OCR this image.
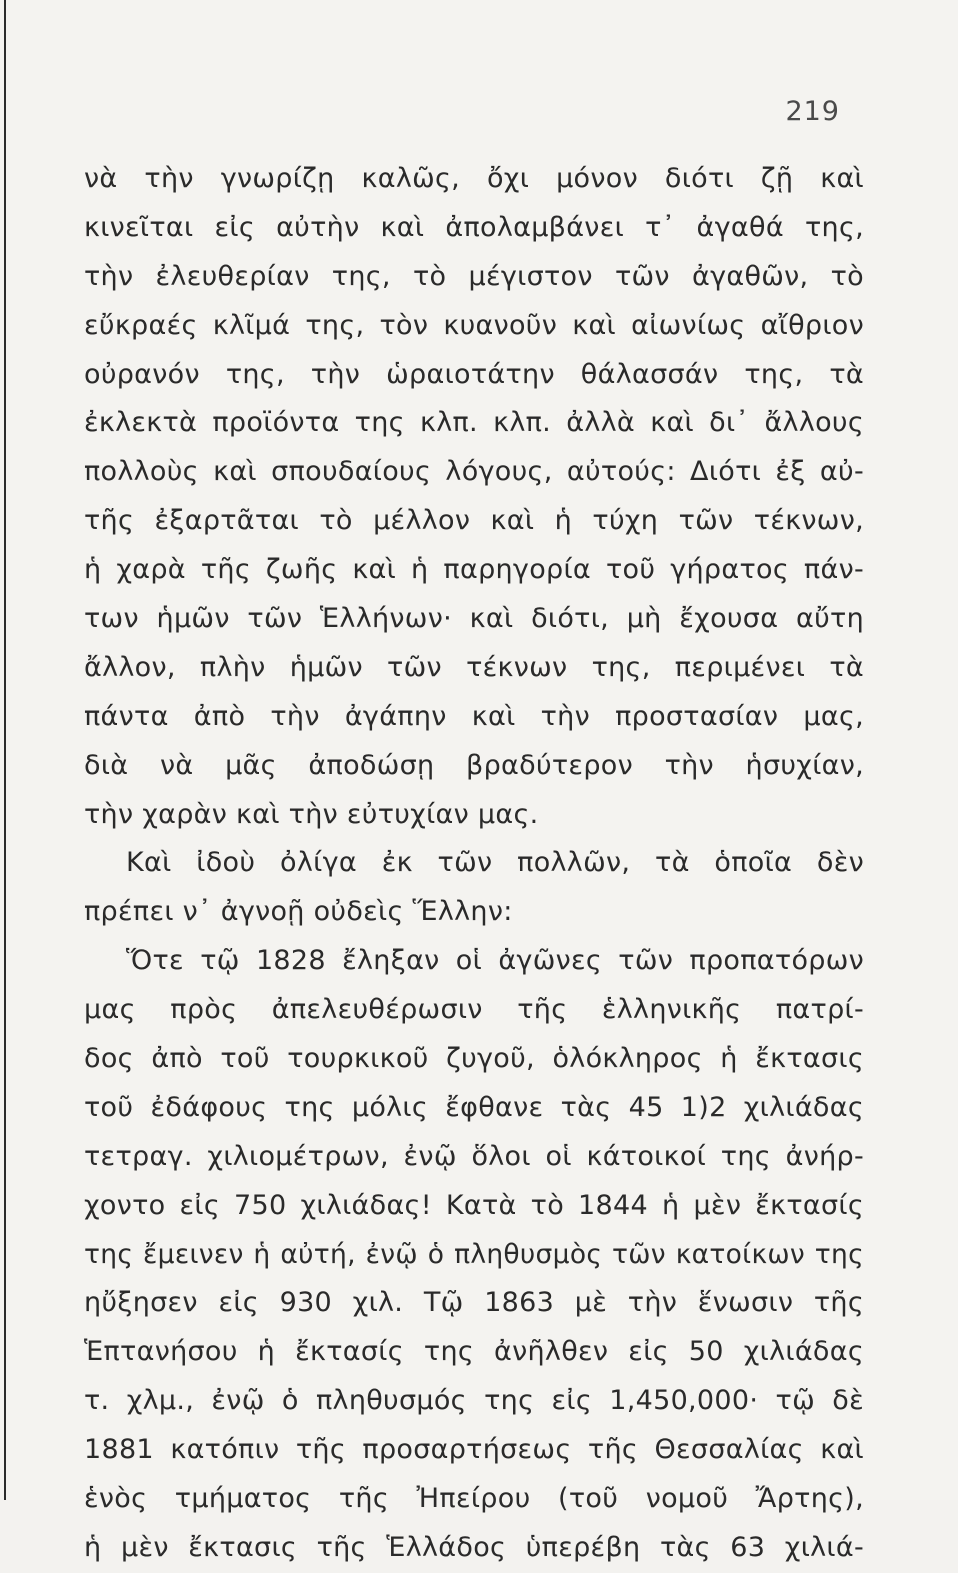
219
νὰ τὴν γνωρίζῃ καλῶς, ὄχι μόνον διότι ζῇ καὶ
κινεῖται εἰς αὐτὴν καὶ ἀπολαμβάνει τ᾿ ἀγαθά της,
τὴν ἐλευθερίαν της, τὸ μέγιστον τῶν ἀγαθῶν, τὸ
εὔκραές κλῖμά της, τὸν κυανοῦν καὶ αἰωνίως αἴθριον
οὐρανόν της, τὴν ὡραιοτάτην θάλασσάν της, τὰ
ἐκλεκτὰ προϊόντα της κλπ. κλπ. ἀλλὰ καὶ δι᾿ ἄλλους
πολλοὺς καὶ σπουδαίους λόγους, αὐτούς: Διότι ἐξ αὐ-
τῆς ἐξαρτᾶται τὸ μέλλον καὶ ἡ τύχη τῶν τέκνων,
ἡ χαρὰ τῆς ζωῆς καὶ ἡ παρηγορία τοῦ γήρατος πάν-
των ἡμῶν τῶν Ἑλλήνων· καὶ διότι, μὴ ἔχουσα αὔτη
ἄλλον, πλὴν ἡμῶν τῶν τέκνων της, περιμένει τὰ
πάντα ἀπὸ τὴν ἀγάπην καὶ τὴν προστασίαν μας,
διὰ νὰ μᾶς ἀποδώσῃ βραδύτερον τὴν ἡσυχίαν,
τὴν χαρὰν καὶ τὴν εὐτυχίαν μας.
Καὶ ἰδοὺ ὀλίγα ἐκ τῶν πολλῶν, τὰ ὁποῖα δὲν
πρέπει ν᾿ ἀγνοῇ οὐδεὶς Ἕλλην:
Ὅτε τῷ 1828 ἔληξαν οἱ ἀγῶνες τῶν προπατόρων
μας πρὸς ἀπελευθέρωσιν τῆς ἑλληνικῆς πατρί-
δος ἀπὸ τοῦ τουρκικοῦ ζυγοῦ, ὁλόκληρος ἡ ἔκτασις
τοῦ ἐδάφους της μόλις ἔφθανε τὰς 45 1)2 χιλιάδας
τετραγ. χιλιομέτρων, ἐνῷ ὅλοι οἱ κάτοικοί της ἀνήρ-
χοντο εἰς 750 χιλιάδας! Κατὰ τὸ 1844 ἡ μὲν ἔκτασίς
της ἔμεινεν ἡ αὐτή, ἐνῷ ὁ πληθυσμὸς τῶν κατοίκων της
ηὔξησεν εἰς 930 χιλ. Τῷ 1863 μὲ τὴν ἕνωσιν τῆς
Ἑπτανήσου ἡ ἔκτασίς της ἀνῆλθεν εἰς 50 χιλιάδας
τ. χλμ., ἐνῷ ὁ πληθυσμός της εἰς 1,450,000· τῷ δὲ
1881 κατόπιν τῆς προσαρτήσεως τῆς Θεσσαλίας καὶ
ἑνὸς τμήματος τῆς Ἠπείρου (τοῦ νομοῦ Ἄρτης),
ἡ μὲν ἔκτασις τῆς Ἑλλάδος ὑπερέβη τὰς 63 χιλιά-
